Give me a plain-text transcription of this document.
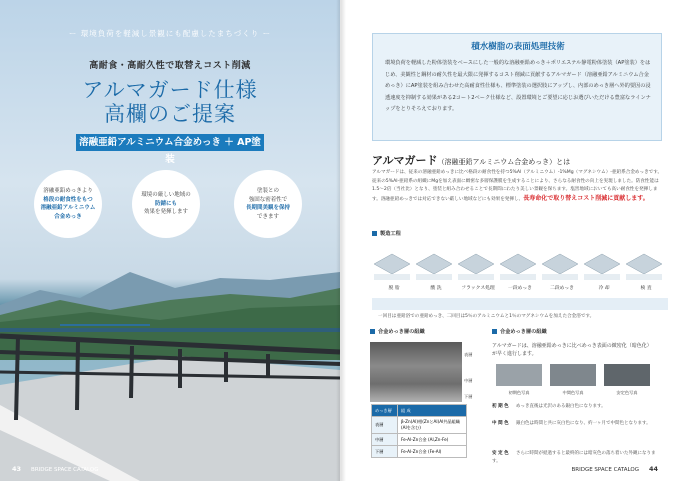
ー 環境負荷を軽減し景観にも配慮したまちづくり ー
高耐食・高耐久性で取替えコスト削減
アルマガード仕様
高欄のご提案
溶融亜鉛アルミニウム合金めっき ＋ AP塗装
溶融亜鉛めっきより
格段の耐食性をもつ
溶融亜鉛アルミニウム
合金めっき
環境の厳しい地域の
防錆にも
効果を発揮します
塗装との
強固な密着性で
長期間美観を保持
できます
43 BRIDGE SPACE CATALOG
積水樹脂の表面処理技術
環境負荷を軽減した粉体塗装をベースにした一般的な溶融亜鉛めっき＋ポリエステル静電粉体塗装（AP塗装）をはじめ、美観性と鋼材の耐久性を最大限に発揮するコスト削減に貢献するアルマガード（溶融亜鉛アルミニウム合金めっき）にAP塗装を組み合わせた高耐食性仕様も、標準塗装の選択肢にアップし、内部のめっき層へ外的要因の浸透速度を抑制する効果がある2コート2ベーク仕様など、設置環境とご要望に応じお選びいただける豊富なラインナップをとりそろえております。
アルマガード（溶融亜鉛アルミニウム合金めっき）とは
アルマガードは、従来の溶融亜鉛めっきに比べ格段の耐食性を持つ5%Al（アルミニウム）-1%Mg（マグネシウム）-亜鉛系合金めっきです。従来の5%Al-亜鉛系の組織にMgを加え表面に緻密な多層保護膜を生成することにより、さらなる耐食性の向上を実現しました。防食性能は1.5～2倍（当社比）となり、塗装と組み合わせることで長期間にわたり美しい景観を保ちます。塩害地域においても高い耐食性を発揮します。溶融亜鉛めっきでは対応できない厳しい地域などにも効果を発揮し、長寿命化で取り替えコスト削減に貢献します。
製造工程
脱 脂	酸 洗	フラックス処理	一段めっき	二段めっき	冷 却	検 査
一回目は亜鉛浴での亜鉛めっき、二回目は5％のアルミニウムと1％のマグネシウムを加えた合金浴です。
合金めっき層の組織
表層
中層
下層
めっき層	組 成
表層	β-Zn(Al)相(ZnとAl)Al共晶組織(AIを含む)
中層	Fe-Al-Zn合金 (Al,Zn-Fe)
下層	Fe-Al-Zn合金 (Fe-Al)
合金めっき層の組織
アルマガードは、溶融亜鉛めっきに比べめっき表面の緻密化（暗色化）が早く進行します。
初期色写真	中間色写真	安定色写真
初 期 色 めっき直後は光沢のある銀白色になります。
中 間 色 銀白色は時間と共に灰白色になり、約一ヶ月で中間色となります。
安 定 色 さらに時間が経過すると最終的には暗灰色の落ち着いた外観になります。
BRIDGE SPACE CATALOG 44
